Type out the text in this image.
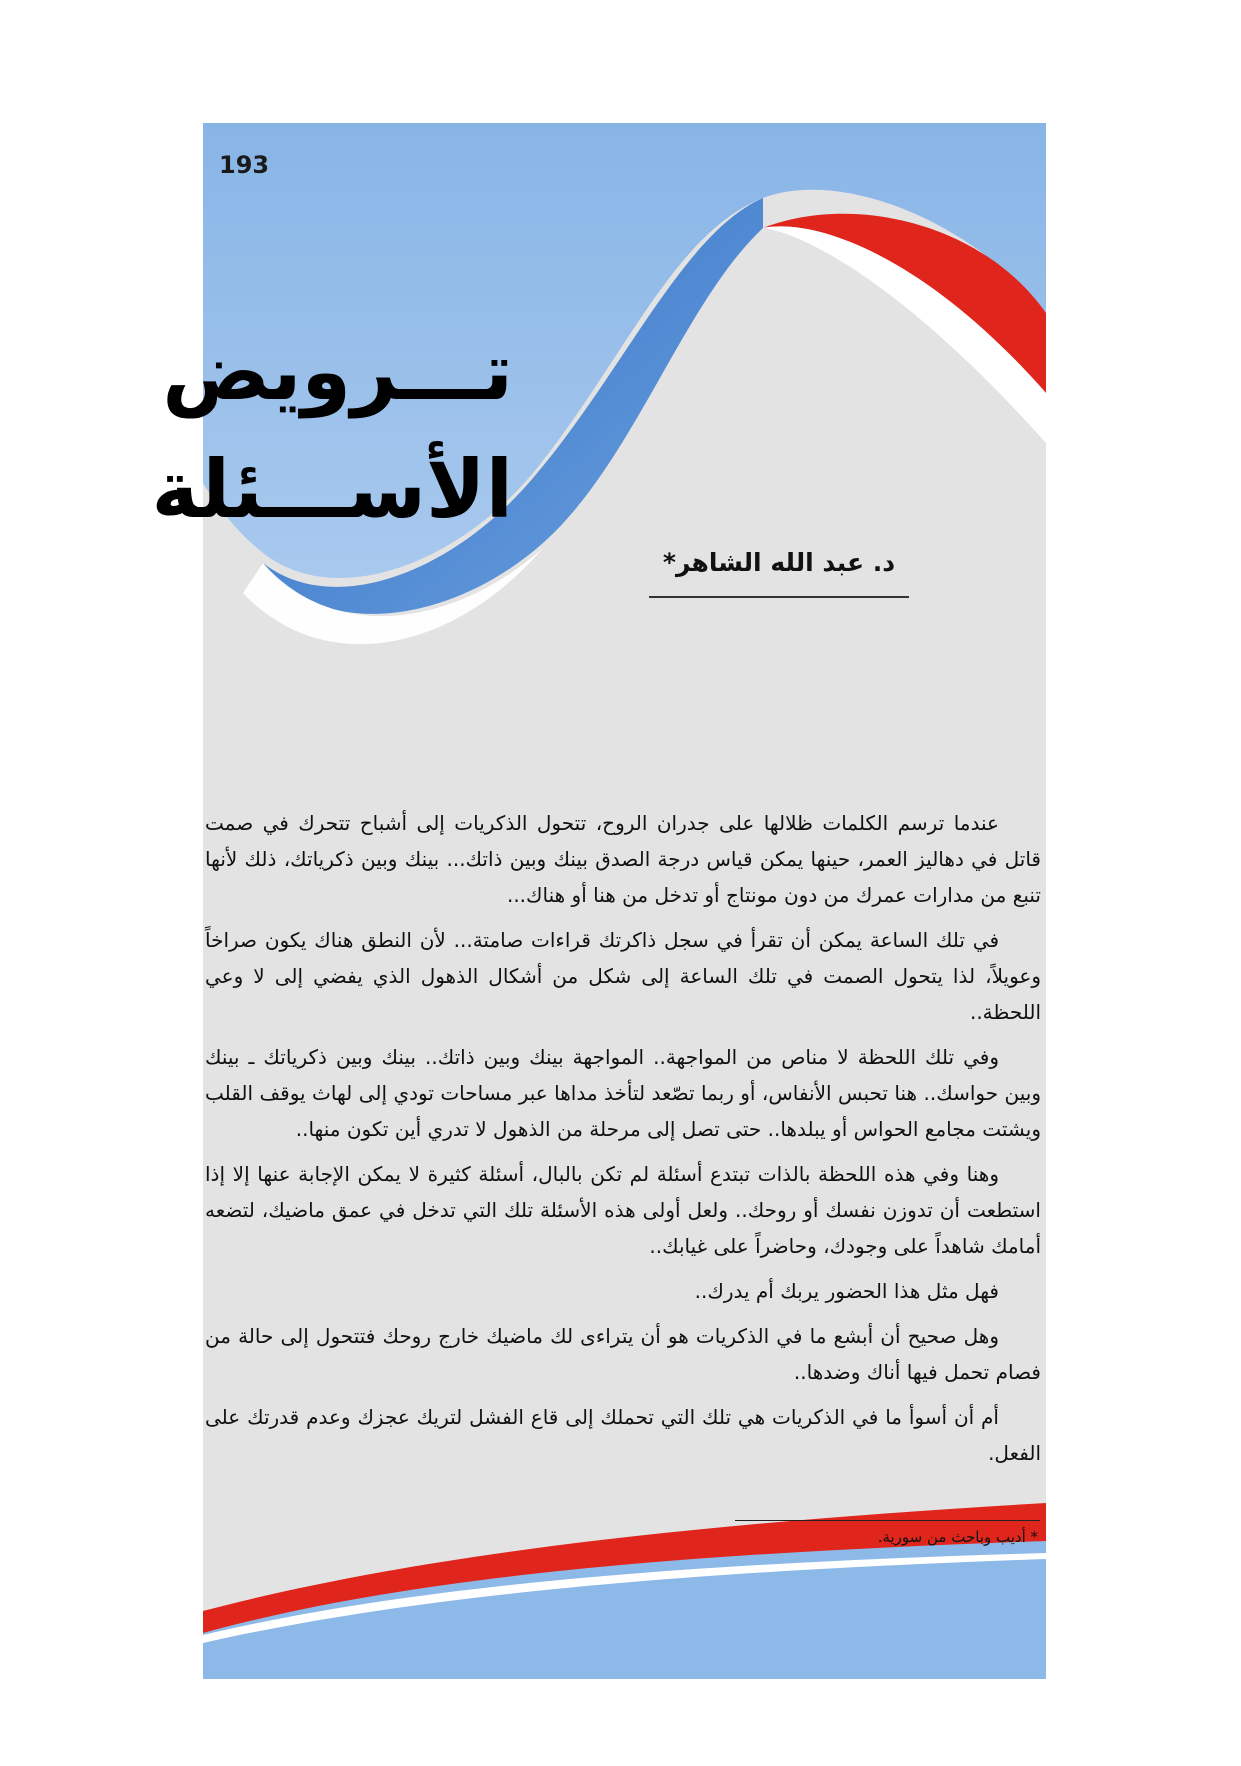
193
تـــرويض
الأســـئلة
د. عبد الله الشاهر*

عندما ترسم الكلمات ظلالها على جدران الروح، تتحول الذكريات إلى أشباح تتحرك في صمت قاتل في دهاليز العمر، حينها يمكن قياس درجة الصدق بينك وبين ذاتك... بينك وبين ذكرياتك، ذلك لأنها تنبع من مدارات عمرك من دون مونتاج أو تدخل من هنا أو هناك...

في تلك الساعة يمكن أن تقرأ في سجل ذاكرتك قراءات صامتة... لأن النطق هناك يكون صراخاً وعويلاً، لذا يتحول الصمت في تلك الساعة إلى شكل من أشكال الذهول الذي يفضي إلى لا وعي اللحظة..

وفي تلك اللحظة لا مناص من المواجهة.. المواجهة بينك وبين ذاتك.. بينك وبين ذكرياتك ـ بينك وبين حواسك.. هنا تحبس الأنفاس، أو ربما تصّعد لتأخذ مداها عبر مساحات تودي إلى لهاث يوقف القلب ويشتت مجامع الحواس أو يبلدها.. حتى تصل إلى مرحلة من الذهول لا تدري أين تكون منها..

وهنا وفي هذه اللحظة بالذات تبتدع أسئلة لم تكن بالبال، أسئلة كثيرة لا يمكن الإجابة عنها إلا إذا استطعت أن تدوزن نفسك أو روحك.. ولعل أولى هذه الأسئلة تلك التي تدخل في عمق ماضيك، لتضعه أمامك شاهداً على وجودك، وحاضراً على غيابك..

فهل مثل هذا الحضور يربك أم يدرك..

وهل صحيح أن أبشع ما في الذكريات هو أن يتراءى لك ماضيك خارج روحك فتتحول إلى حالة من فصام تحمل فيها أناك وضدها..

أم أن أسوأ ما في الذكريات هي تلك التي تحملك إلى قاع الفشل لتريك عجزك وعدم قدرتك على الفعل.

* أديب وباحث من سورية.
